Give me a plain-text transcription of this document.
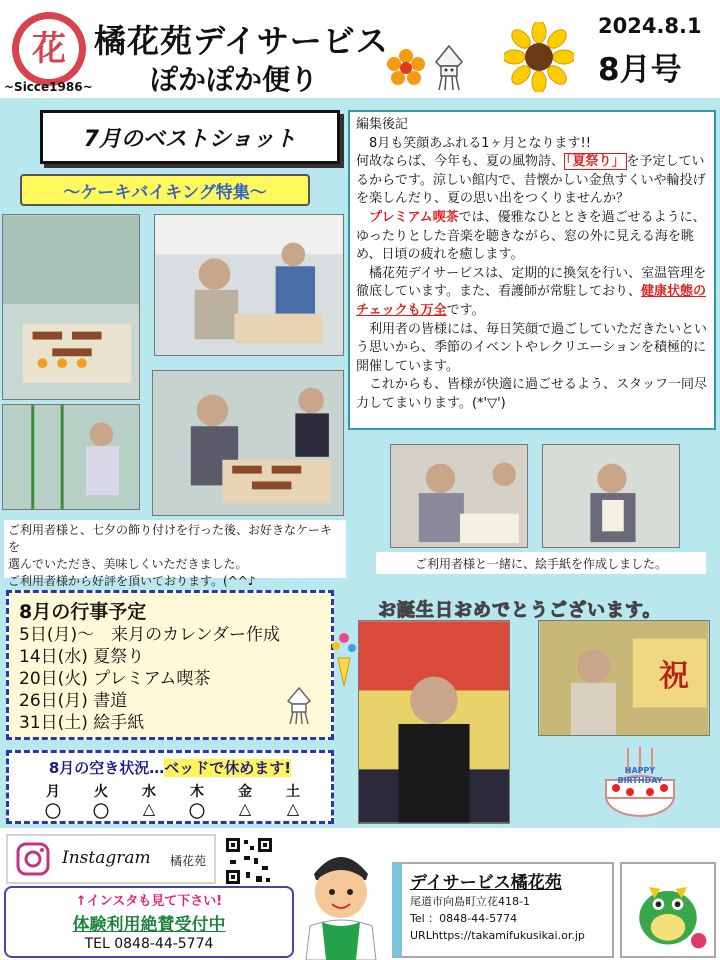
花
~Sicce1986~
橘花苑デイサービス
ぽかぽか便り
2024.8.1
8月号
7月のベストショット
～ケーキバイキング特集～
ご利用者様と、七夕の飾り付けを行った後、お好きなケーキを
選んでいただき、美味しくいただきました。
ご利用者様から好評を頂いております。(^^♪

編集後記

　8月も笑顔あふれる1ヶ月となります!!
何故ならば、今年も、夏の風物詩、 「夏祭り」 を予定しているからです。涼しい館内で、昔懐かしい金魚すくいや輪投げを楽しんだり、夏の思い出をつくりませんか？

　プレミアム喫茶では、優雅なひとときを過ごせるように、ゆったりとした音楽を聴きながら、窓の外に見える海を眺め、日頃の疲れを癒します。

　橘花苑デイサービスは、定期的に換気を行い、室温管理を徹底しています。また、看護師が常駐しており、健康状態のチェックも万全です。

　利用者の皆様には、毎日笑顔で過ごしていただきたいという思いから、季節のイベントやレクリエーションを積極的に開催しています。

　これからも、皆様が快適に過ごせるよう、スタッフ一同尽力してまいります。(*'▽')

ご利用者様と一緒に、絵手紙を作成しました。
8月の行事予定
5日(月)～　来月のカレンダー作成
14日(水) 夏祭り
20日(火) プレミアム喫茶
26日(月) 書道
31日(土) 絵手紙
8月の空き状況…ベッドで休めます!
月	火	水	木	金	土
〇	〇	△	〇	△	△
お誕生日おめでとうございます。
祝
HAPPY
BIRTHDAY
Instagram 橘花苑
↑インスタも見て下さい!
体験利用絶賛受付中
TEL 0848-44-5774
デイサービス橘花苑
尾道市向島町立花418-1
Tel ：0848-44-5774
URLhttps://takamifukusikai.or.jp
